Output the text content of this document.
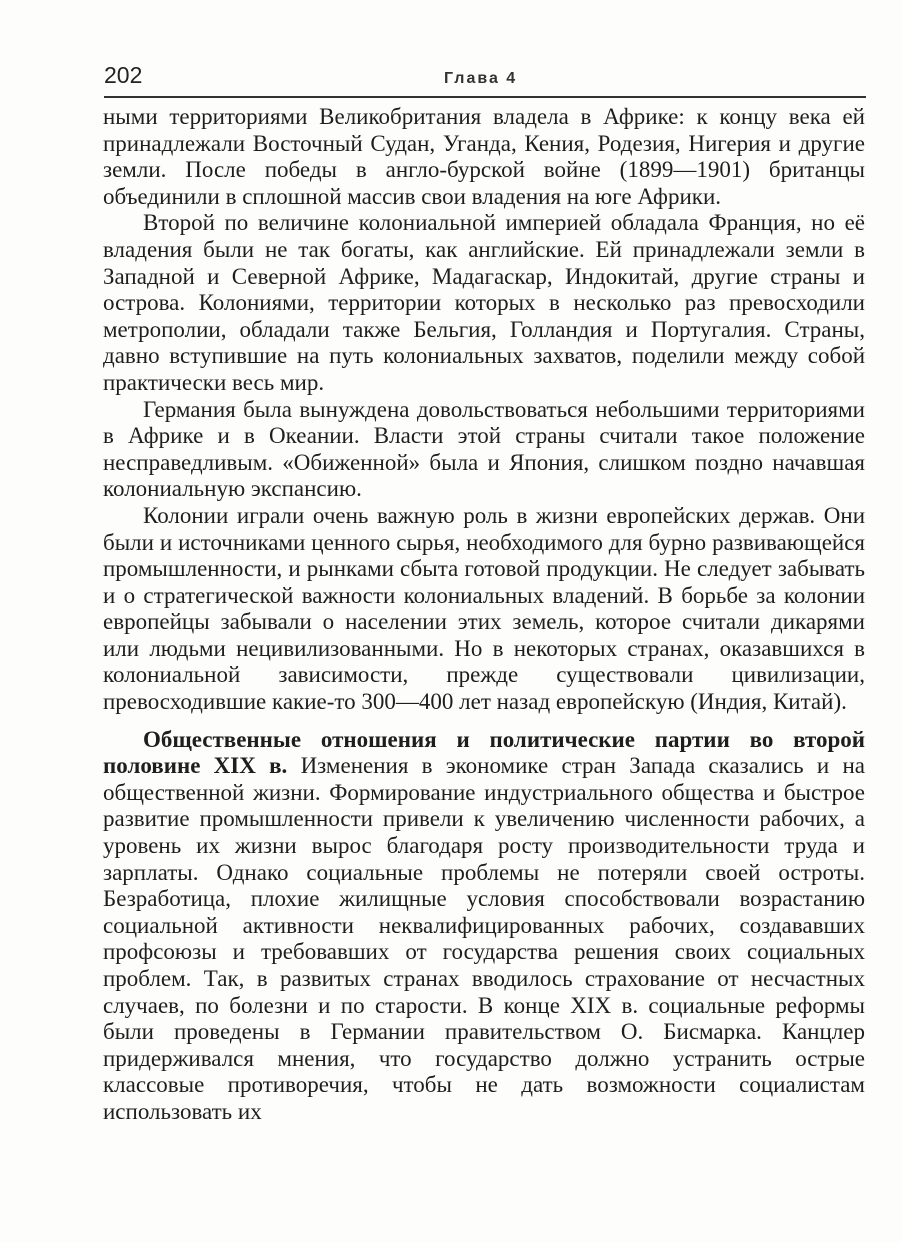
202	Глава 4

ными территориями Великобритания владела в Африке: к концу века ей принадлежали Восточный Судан, Уганда, Кения, Родезия, Нигерия и другие земли. После победы в англо-бурской войне (1899—1901) британцы объединили в сплошной массив свои владения на юге Африки.

Второй по величине колониальной империей обладала Франция, но её владения были не так богаты, как английские. Ей принадлежали земли в Западной и Северной Африке, Мадагаскар, Индокитай, другие страны и острова. Колониями, территории которых в несколько раз превосходили метрополии, обладали также Бельгия, Голландия и Португалия. Страны, давно вступившие на путь колониальных захватов, поделили между собой практически весь мир.

Германия была вынуждена довольствоваться небольшими территориями в Африке и в Океании. Власти этой страны считали такое положение несправедливым. «Обиженной» была и Япония, слишком поздно начавшая колониальную экспансию.

Колонии играли очень важную роль в жизни европейских держав. Они были и источниками ценного сырья, необходимого для бурно развивающейся промышленности, и рынками сбыта готовой продукции. Не следует забывать и о стратегической важности колониальных владений. В борьбе за колонии европейцы забывали о населении этих земель, которое считали дикарями или людьми нецивилизованными. Но в некоторых странах, оказавшихся в колониальной зависимости, прежде существовали цивилизации, превосходившие какие-то 300—400 лет назад европейскую (Индия, Китай).

Общественные отношения и политические партии во второй половине XIX в. Изменения в экономике стран Запада сказались и на общественной жизни. Формирование индустриального общества и быстрое развитие промышленности привели к увеличению численности рабочих, а уровень их жизни вырос благодаря росту производительности труда и зарплаты. Однако социальные проблемы не потеряли своей остроты. Безработица, плохие жилищные условия способствовали возрастанию социальной активности неквалифицированных рабочих, создававших профсоюзы и требовавших от государства решения своих социальных проблем. Так, в развитых странах вводилось страхование от несчастных случаев, по болезни и по старости. В конце XIX в. социальные реформы были проведены в Германии правительством О. Бисмарка. Канцлер придерживался мнения, что государство должно устранить острые классовые противоречия, чтобы не дать возможности социалистам использовать их
